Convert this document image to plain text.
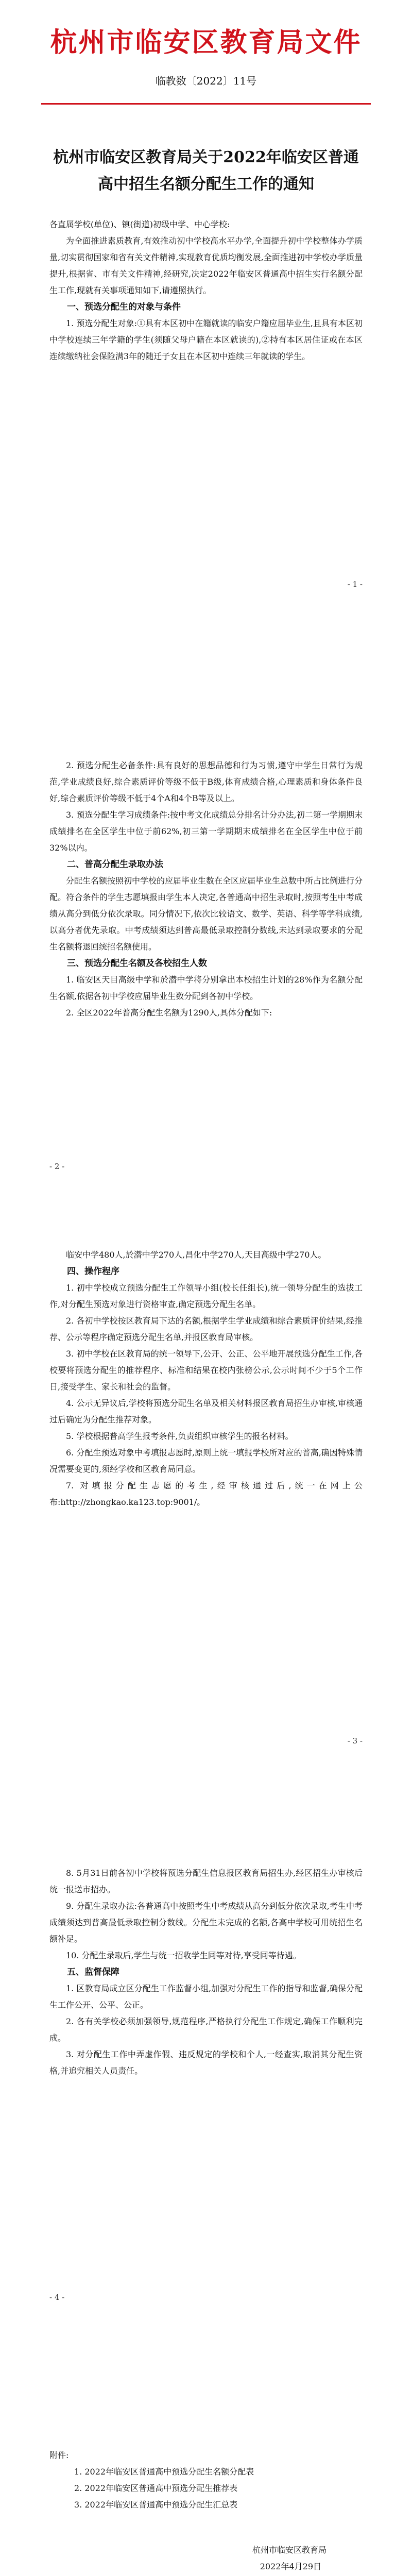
杭州市临安区教育局文件
临教数〔2022〕11号
杭州市临安区教育局关于2022年临安区普通高中招生名额分配生工作的通知

各直属学校(单位)、镇(街道)初级中学、中心学校:

为全面推进素质教育,有效推动初中学校高水平办学,全面提升初中学校整体办学质量,切实贯彻国家和省有关文件精神,实现教育优质均衡发展,全面推进初中学校办学质量提升,根据省、市有关文件精神,经研究,决定2022年临安区普通高中招生实行名额分配生工作,现就有关事项通知如下,请遵照执行。

一、预选分配生的对象与条件

1. 预选分配生对象:①具有本区初中在籍就读的临安户籍应届毕业生,且具有本区初中学校连续三年学籍的学生(须随父母户籍在本区就读的),②持有本区居住证或在本区连续缴纳社会保险满3年的随迁子女且在本区初中连续三年就读的学生。

- 1 -

2. 预选分配生必备条件:具有良好的思想品德和行为习惯,遵守中学生日常行为规范,学业成绩良好,综合素质评价等级不低于B级,体育成绩合格,心理素质和身体条件良好,综合素质评价等级不低于4个A和4个B等及以上。

3. 预选分配生学习成绩条件:按中考文化成绩总分排名计分办法,初二第一学期期末成绩排名在全区学生中位于前62%,初三第一学期期末成绩排名在全区学生中位于前32%以内。

二、普高分配生录取办法

分配生名额按照初中学校的应届毕业生数在全区应届毕业生总数中所占比例进行分配。符合条件的学生志愿填报由学生本人决定,各普通高中招生录取时,按照考生中考成绩从高分到低分依次录取。同分情况下,依次比较语文、数学、英语、科学等学科成绩,以高分者优先录取。中考成绩须达到普高最低录取控制分数线,未达到录取要求的分配生名额将退回统招名额使用。

三、预选分配生名额及各校招生人数

1. 临安区天目高级中学和於潜中学将分别拿出本校招生计划的28%作为名额分配生名额,依据各初中学校应届毕业生数分配到各初中学校。

2. 全区2022年普高分配生名额为1290人,具体分配如下:

- 2 -

临安中学480人,於潜中学270人,昌化中学270人,天目高级中学270人。

四、操作程序

1. 初中学校成立预选分配生工作领导小组(校长任组长),统一领导分配生的选拔工作,对分配生预选对象进行资格审查,确定预选分配生名单。

2. 各初中学校按区教育局下达的名额,根据学生学业成绩和综合素质评价结果,经推荐、公示等程序确定预选分配生名单,并报区教育局审核。

3. 初中学校在区教育局的统一领导下,公开、公正、公平地开展预选分配生工作,各校要将预选分配生的推荐程序、标准和结果在校内张榜公示,公示时间不少于5个工作日,接受学生、家长和社会的监督。

4. 公示无异议后,学校将预选分配生名单及相关材料报区教育局招生办审核,审核通过后确定为分配生推荐对象。

5. 学校根据普高学生报考条件,负责组织审核学生的报名材料。

6. 分配生预选对象中考填报志愿时,原则上统一填报学校所对应的普高,确因特殊情况需要变更的,须经学校和区教育局同意。

7. 对填报分配生志愿的考生,经审核通过后,统一在网上公布:http://zhongkao.ka123.top:9001/。

- 3 -

8. 5月31日前各初中学校将预选分配生信息报区教育局招生办,经区招生办审核后统一报送市招办。

9. 分配生录取办法:各普通高中按照考生中考成绩从高分到低分依次录取,考生中考成绩须达到普高最低录取控制分数线。分配生未完成的名额,各高中学校可用统招生名额补足。

10. 分配生录取后,学生与统一招收学生同等对待,享受同等待遇。

五、监督保障

1. 区教育局成立区分配生工作监督小组,加强对分配生工作的指导和监督,确保分配生工作公开、公平、公正。

2. 各有关学校必须加强领导,规范程序,严格执行分配生工作规定,确保工作顺利完成。

3. 对分配生工作中弄虚作假、违反规定的学校和个人,一经查实,取消其分配生资格,并追究相关人员责任。

- 4 -

附件:

1. 2022年临安区普通高中预选分配生名额分配表

2. 2022年临安区普通高中预选分配生推荐表

3. 2022年临安区普通高中预选分配生汇总表

杭州市临安区教育局
2022年4月29日
